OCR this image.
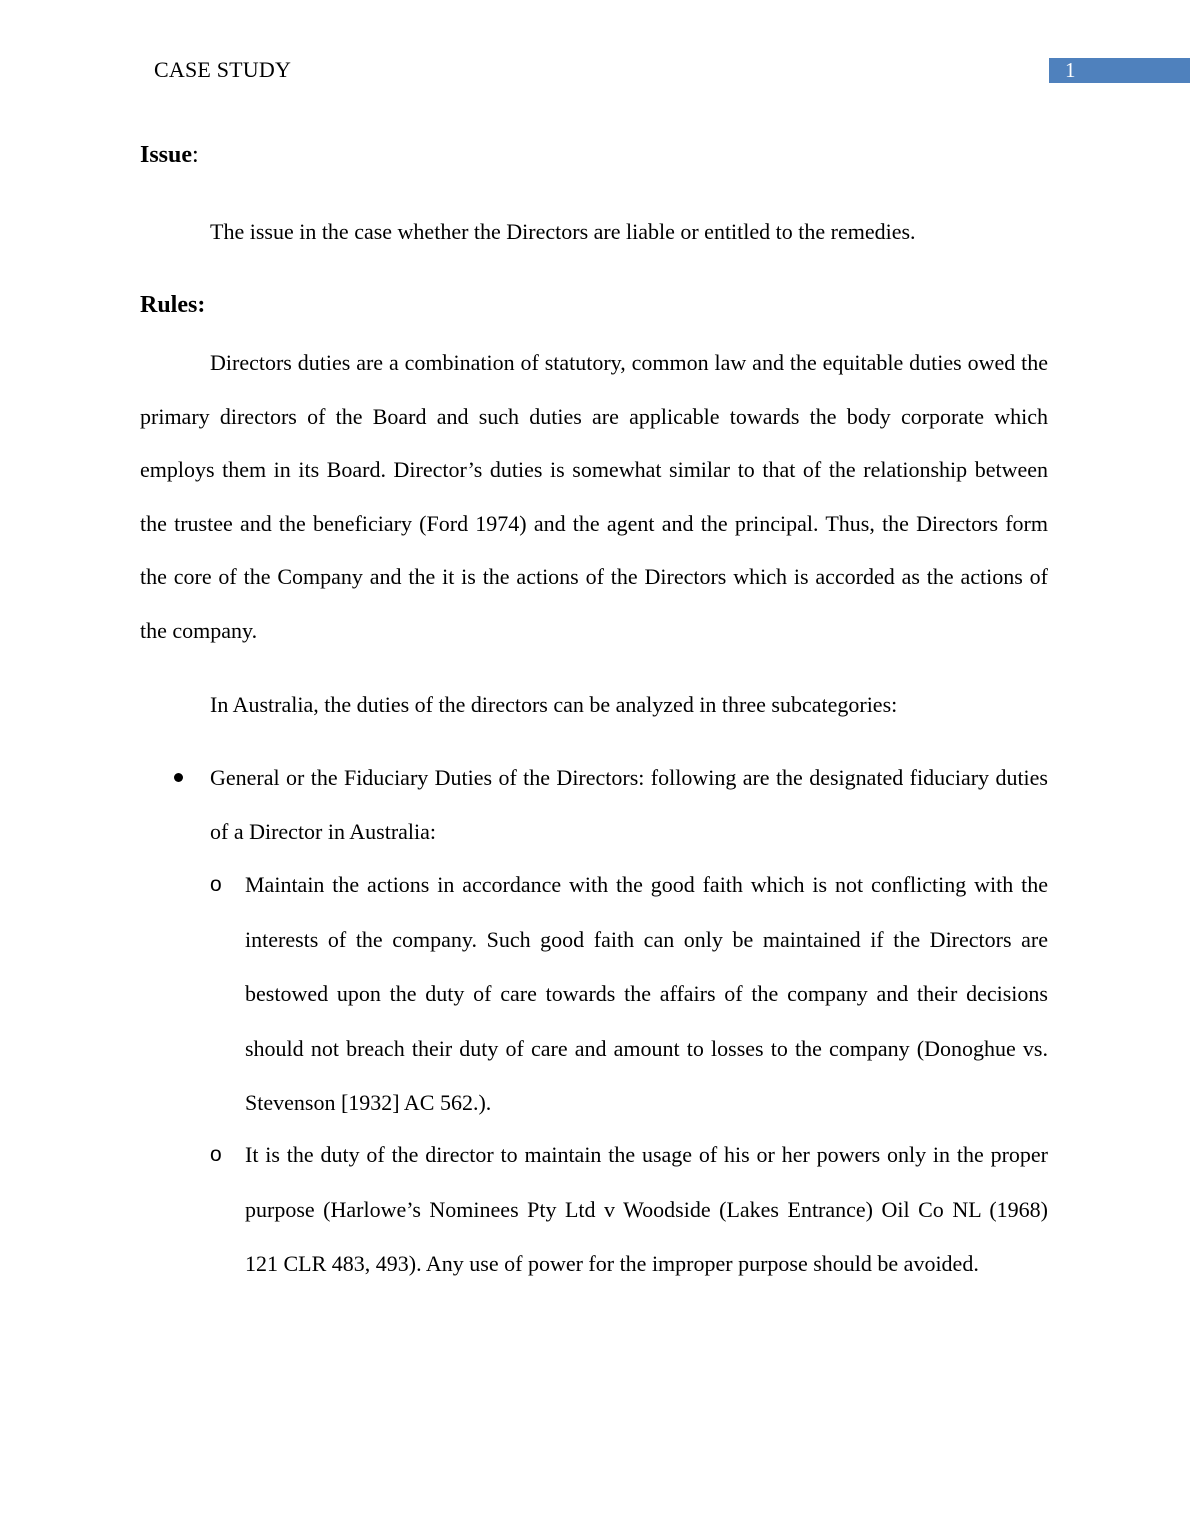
CASE STUDY	1
Issue:
The issue in the case whether the Directors are liable or entitled to the remedies.
Rules:
Directors duties are a combination of statutory, common law and the equitable duties owed the primary directors of the Board and such duties are applicable towards the body corporate which employs them in its Board. Director’s duties is somewhat similar to that of the relationship between the trustee and the beneficiary (Ford 1974) and the agent and the principal. Thus, the Directors form the core of the Company and the it is the actions of the Directors which is accorded as the actions of the company.
In Australia, the duties of the directors can be analyzed in three subcategories:
General or the Fiduciary Duties of the Directors: following are the designated fiduciary duties of a Director in Australia:
o Maintain the actions in accordance with the good faith which is not conflicting with the interests of the company. Such good faith can only be maintained if the Directors are bestowed upon the duty of care towards the affairs of the company and their decisions should not breach their duty of care and amount to losses to the company (Donoghue vs. Stevenson [1932] AC 562.).
o It is the duty of the director to maintain the usage of his or her powers only in the proper purpose (Harlowe’s Nominees Pty Ltd v Woodside (Lakes Entrance) Oil Co NL (1968) 121 CLR 483, 493). Any use of power for the improper purpose should be avoided.
